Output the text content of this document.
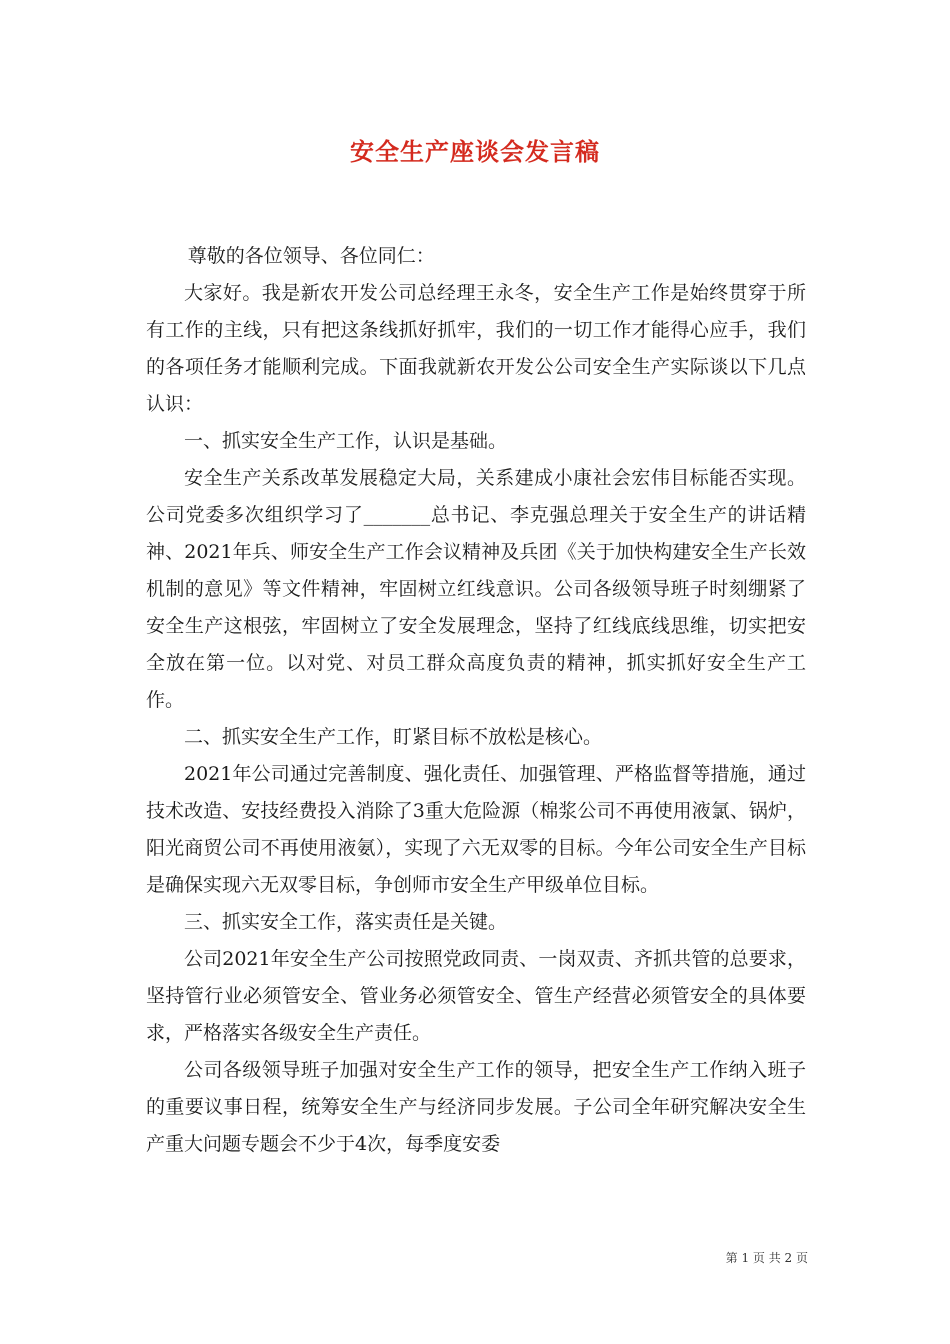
安全生产座谈会发言稿

尊敬的各位领导、各位同仁：

大家好。我是新农开发公司总经理王永冬，安全生产工作是始终贯穿于所有工作的主线，只有把这条线抓好抓牢，我们的一切工作才能得心应手，我们的各项任务才能顺利完成。下面我就新农开发公公司安全生产实际谈以下几点认识：

一、抓实安全生产工作，认识是基础。

安全生产关系改革发展稳定大局，关系建成小康社会宏伟目标能否实现。公司党委多次组织学习了_______总书记、李克强总理关于安全生产的讲话精神、2021年兵、师安全生产工作会议精神及兵团《关于加快构建安全生产长效机制的意见》等文件精神，牢固树立红线意识。公司各级领导班子时刻绷紧了安全生产这根弦，牢固树立了安全发展理念，坚持了红线底线思维，切实把安全放在第一位。以对党、对员工群众高度负责的精神，抓实抓好安全生产工作。

二、抓实安全生产工作，盯紧目标不放松是核心。

2021年公司通过完善制度、强化责任、加强管理、严格监督等措施，通过技术改造、安技经费投入消除了3重大危险源（棉浆公司不再使用液氯、锅炉，阳光商贸公司不再使用液氨），实现了六无双零的目标。今年公司安全生产目标是确保实现六无双零目标，争创师市安全生产甲级单位目标。

三、抓实安全工作，落实责任是关键。

公司2021年安全生产公司按照党政同责、一岗双责、齐抓共管的总要求，坚持管行业必须管安全、管业务必须管安全、管生产经营必须管安全的具体要求，严格落实各级安全生产责任。

公司各级领导班子加强对安全生产工作的领导，把安全生产工作纳入班子的重要议事日程，统筹安全生产与经济同步发展。子公司全年研究解决安全生产重大问题专题会不少于4次，每季度安委

第 1 页 共 2 页
